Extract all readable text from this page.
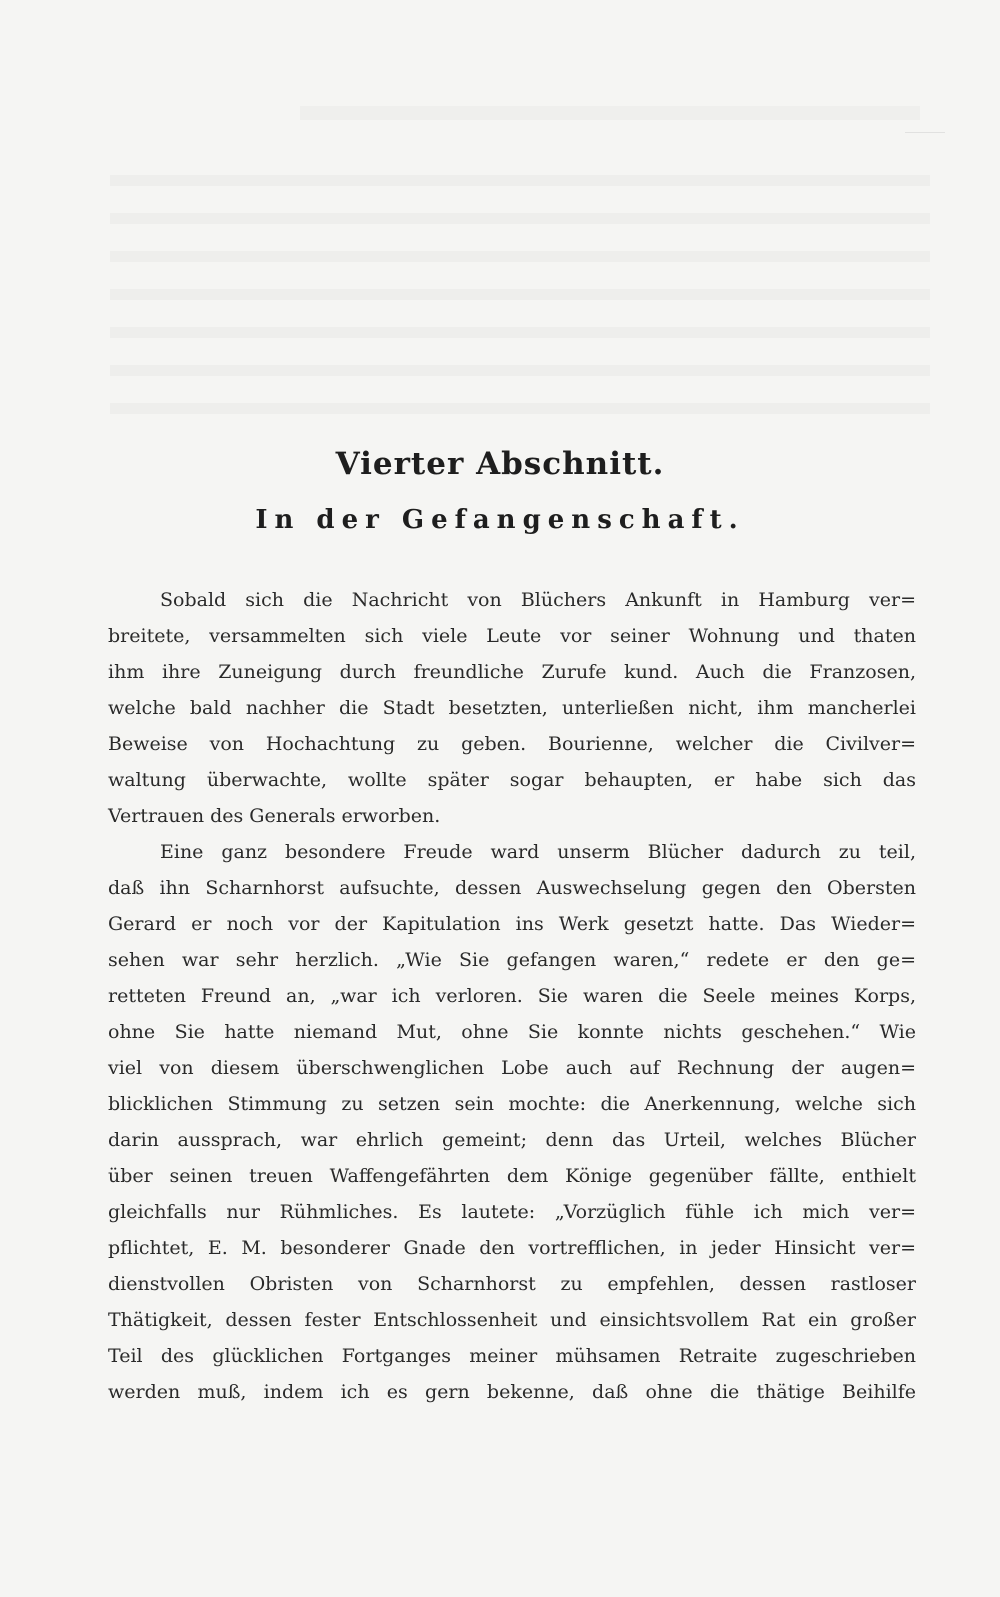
Vierter Abschnitt.
In der Gefangenschaft.
Sobald sich die Nachricht von Blüchers Ankunft in Hamburg ver=
breitete, versammelten sich viele Leute vor seiner Wohnung und thaten
ihm ihre Zuneigung durch freundliche Zurufe kund. Auch die Franzosen,
welche bald nachher die Stadt besetzten, unterließen nicht, ihm mancherlei
Beweise von Hochachtung zu geben. Bourienne, welcher die Civilver=
waltung überwachte, wollte später sogar behaupten, er habe sich das
Vertrauen des Generals erworben.
Eine ganz besondere Freude ward unserm Blücher dadurch zu teil,
daß ihn Scharnhorst aufsuchte, dessen Auswechselung gegen den Obersten
Gerard er noch vor der Kapitulation ins Werk gesetzt hatte. Das Wieder=
sehen war sehr herzlich. „Wie Sie gefangen waren,“ redete er den ge=
retteten Freund an, „war ich verloren. Sie waren die Seele meines Korps,
ohne Sie hatte niemand Mut, ohne Sie konnte nichts geschehen.“ Wie
viel von diesem überschwenglichen Lobe auch auf Rechnung der augen=
blicklichen Stimmung zu setzen sein mochte: die Anerkennung, welche sich
darin aussprach, war ehrlich gemeint; denn das Urteil, welches Blücher
über seinen treuen Waffengefährten dem Könige gegenüber fällte, enthielt
gleichfalls nur Rühmliches. Es lautete: „Vorzüglich fühle ich mich ver=
pflichtet, E. M. besonderer Gnade den vortrefflichen, in jeder Hinsicht ver=
dienstvollen Obristen von Scharnhorst zu empfehlen, dessen rastloser
Thätigkeit, dessen fester Entschlossenheit und einsichtsvollem Rat ein großer
Teil des glücklichen Fortganges meiner mühsamen Retraite zugeschrieben
werden muß, indem ich es gern bekenne, daß ohne die thätige Beihilfe
